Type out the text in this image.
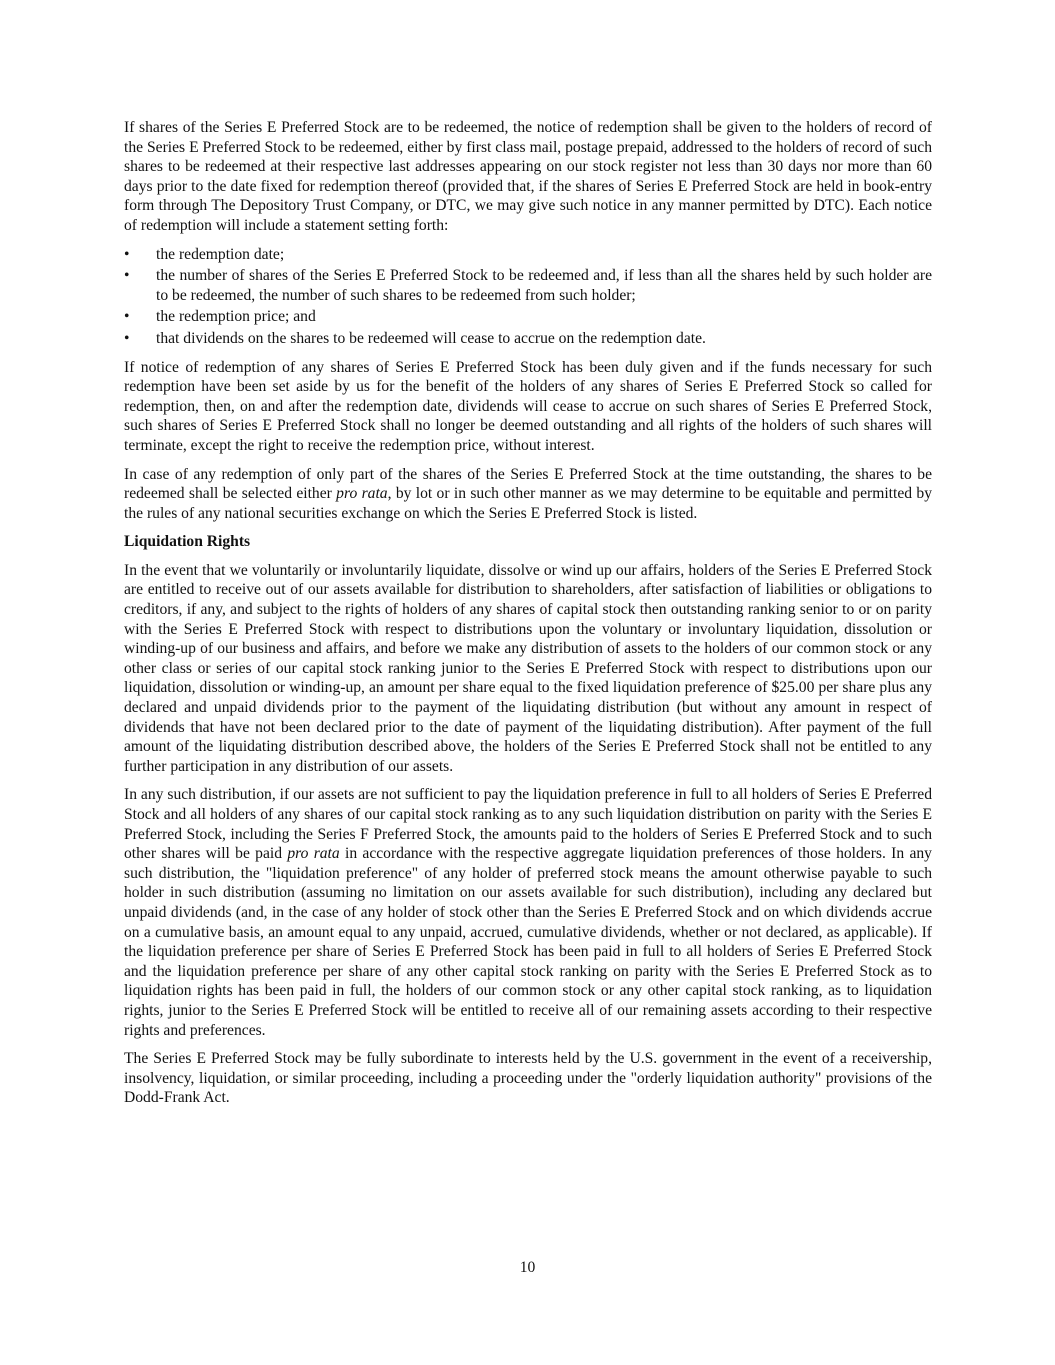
If shares of the Series E Preferred Stock are to be redeemed, the notice of redemption shall be given to the holders of record of the Series E Preferred Stock to be redeemed, either by first class mail, postage prepaid, addressed to the holders of record of such shares to be redeemed at their respective last addresses appearing on our stock register not less than 30 days nor more than 60 days prior to the date fixed for redemption thereof (provided that, if the shares of Series E Preferred Stock are held in book-entry form through The Depository Trust Company, or DTC, we may give such notice in any manner permitted by DTC). Each notice of redemption will include a statement setting forth:

• the redemption date;
• the number of shares of the Series E Preferred Stock to be redeemed and, if less than all the shares held by such holder are to be redeemed, the number of such shares to be redeemed from such holder;
• the redemption price; and
• that dividends on the shares to be redeemed will cease to accrue on the redemption date.

If notice of redemption of any shares of Series E Preferred Stock has been duly given and if the funds necessary for such redemption have been set aside by us for the benefit of the holders of any shares of Series E Preferred Stock so called for redemption, then, on and after the redemption date, dividends will cease to accrue on such shares of Series E Preferred Stock, such shares of Series E Preferred Stock shall no longer be deemed outstanding and all rights of the holders of such shares will terminate, except the right to receive the redemption price, without interest.

In case of any redemption of only part of the shares of the Series E Preferred Stock at the time outstanding, the shares to be redeemed shall be selected either pro rata, by lot or in such other manner as we may determine to be equitable and permitted by the rules of any national securities exchange on which the Series E Preferred Stock is listed.

Liquidation Rights

In the event that we voluntarily or involuntarily liquidate, dissolve or wind up our affairs, holders of the Series E Preferred Stock are entitled to receive out of our assets available for distribution to shareholders, after satisfaction of liabilities or obligations to creditors, if any, and subject to the rights of holders of any shares of capital stock then outstanding ranking senior to or on parity with the Series E Preferred Stock with respect to distributions upon the voluntary or involuntary liquidation, dissolution or winding-up of our business and affairs, and before we make any distribution of assets to the holders of our common stock or any other class or series of our capital stock ranking junior to the Series E Preferred Stock with respect to distributions upon our liquidation, dissolution or winding-up, an amount per share equal to the fixed liquidation preference of $25.00 per share plus any declared and unpaid dividends prior to the payment of the liquidating distribution (but without any amount in respect of dividends that have not been declared prior to the date of payment of the liquidating distribution). After payment of the full amount of the liquidating distribution described above, the holders of the Series E Preferred Stock shall not be entitled to any further participation in any distribution of our assets.

In any such distribution, if our assets are not sufficient to pay the liquidation preference in full to all holders of Series E Preferred Stock and all holders of any shares of our capital stock ranking as to any such liquidation distribution on parity with the Series E Preferred Stock, including the Series F Preferred Stock, the amounts paid to the holders of Series E Preferred Stock and to such other shares will be paid pro rata in accordance with the respective aggregate liquidation preferences of those holders. In any such distribution, the "liquidation preference" of any holder of preferred stock means the amount otherwise payable to such holder in such distribution (assuming no limitation on our assets available for such distribution), including any declared but unpaid dividends (and, in the case of any holder of stock other than the Series E Preferred Stock and on which dividends accrue on a cumulative basis, an amount equal to any unpaid, accrued, cumulative dividends, whether or not declared, as applicable). If the liquidation preference per share of Series E Preferred Stock has been paid in full to all holders of Series E Preferred Stock and the liquidation preference per share of any other capital stock ranking on parity with the Series E Preferred Stock as to liquidation rights has been paid in full, the holders of our common stock or any other capital stock ranking, as to liquidation rights, junior to the Series E Preferred Stock will be entitled to receive all of our remaining assets according to their respective rights and preferences.

The Series E Preferred Stock may be fully subordinate to interests held by the U.S. government in the event of a receivership, insolvency, liquidation, or similar proceeding, including a proceeding under the "orderly liquidation authority" provisions of the Dodd-Frank Act.

10
